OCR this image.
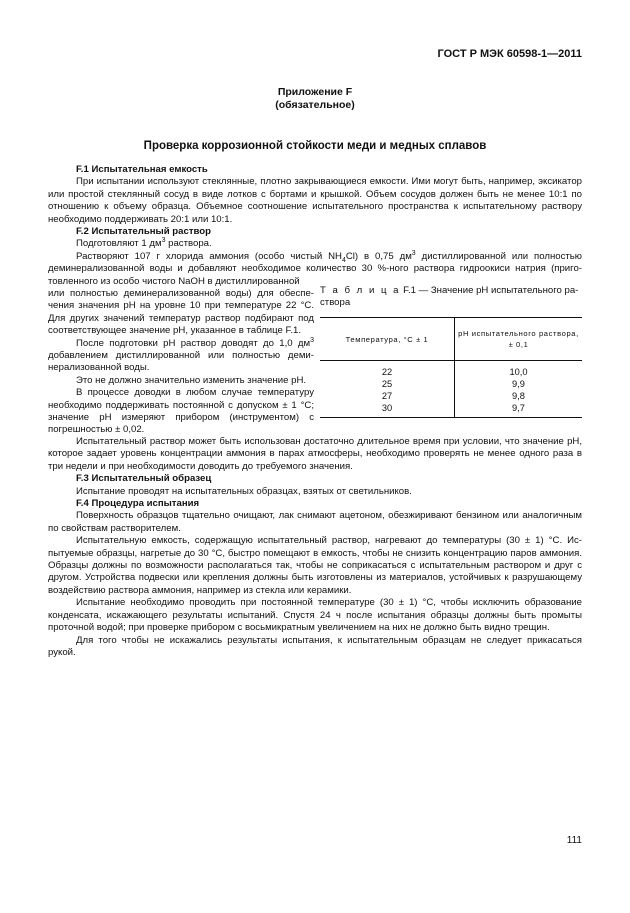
ГОСТ Р МЭК 60598-1—2011
Приложение F
(обязательное)
Проверка коррозионной стойкости меди и медных сплавов

F.1 Испытательная емкость

При испытании используют стеклянные, плотно закрывающиеся емкости. Ими могут быть, например, эксикатор или простой стеклянный сосуд в виде лотков с бортами и крышкой. Объем сосудов должен быть не менее 10:1 по отношению к объему образца. Объемное соотношение испытательного пространства к испытательному раствору необходимо поддерживать 20:1 или 10:1.

F.2 Испытательный раствор

Подготовляют 1 $дм^3$ раствора.

Растворяют 107 г хлорида аммония (особо чистый $NH_4Cl$) в 0,75 $дм^3$ дистиллированной или полностью деминерализованной воды и добавляют необходимое количество 30 %-ного раствора гидроокиси натрия (приготовленного из особо чистого NaOH в дистиллированной

или полностью деминерализованной воды) для обеспечения значения pH на уровне 10 при температуре 22 °С. Для других значений температур раствор подбирают под соответствующее значение pH, указанное в таблице F.1.

После подготовки pH раствор доводят до 1,0 $дм^3$ добавлением дистиллированной или полностью деминерализованной воды.

Это не должно значительно изменить значение pH.

В процессе доводки в любом случае температуру необходимо поддерживать постоянной с допуском ± 1 °С; значение pH измеряют прибором (инструментом) с погрешностью ± 0,02.

Т а б л и ц а F.1 — Значение pH испытательного раствора
Температура, °С ± 1	pH испытательного раствора, ± 0,1
22	10,0
25	9,9
27	9,8
30	9,7

Испытательный раствор может быть использован достаточно длительное время при условии, что значение pH, которое задает уровень концентрации аммония в парах атмосферы, необходимо проверять не менее одного раза в три недели и при необходимости доводить до требуемого значения.

F.3 Испытательный образец

Испытание проводят на испытательных образцах, взятых от светильников.

F.4 Процедура испытания

Поверхность образцов тщательно очищают, лак снимают ацетоном, обезжиривают бензином или аналогичным по свойствам растворителем.

Испытательную емкость, содержащую испытательный раствор, нагревают до температуры (30 ± 1) °С. Испытуемые образцы, нагретые до 30 °С, быстро помещают в емкость, чтобы не снизить концентрацию паров аммония. Образцы должны по возможности располагаться так, чтобы не соприкасаться с испытательным раствором и друг с другом. Устройства подвески или крепления должны быть изготовлены из материалов, устойчивых к разрушающему воздействию раствора аммония, например из стекла или керамики.

Испытание необходимо проводить при постоянной температуре (30 ± 1) °С, чтобы исключить образование конденсата, искажающего результаты испытаний. Спустя 24 ч после испытания образцы должны быть промыты проточной водой; при проверке прибором с восьмикратным увеличением на них не должно быть видно трещин.

Для того чтобы не искажались результаты испытания, к испытательным образцам не следует прикасаться рукой.

111
